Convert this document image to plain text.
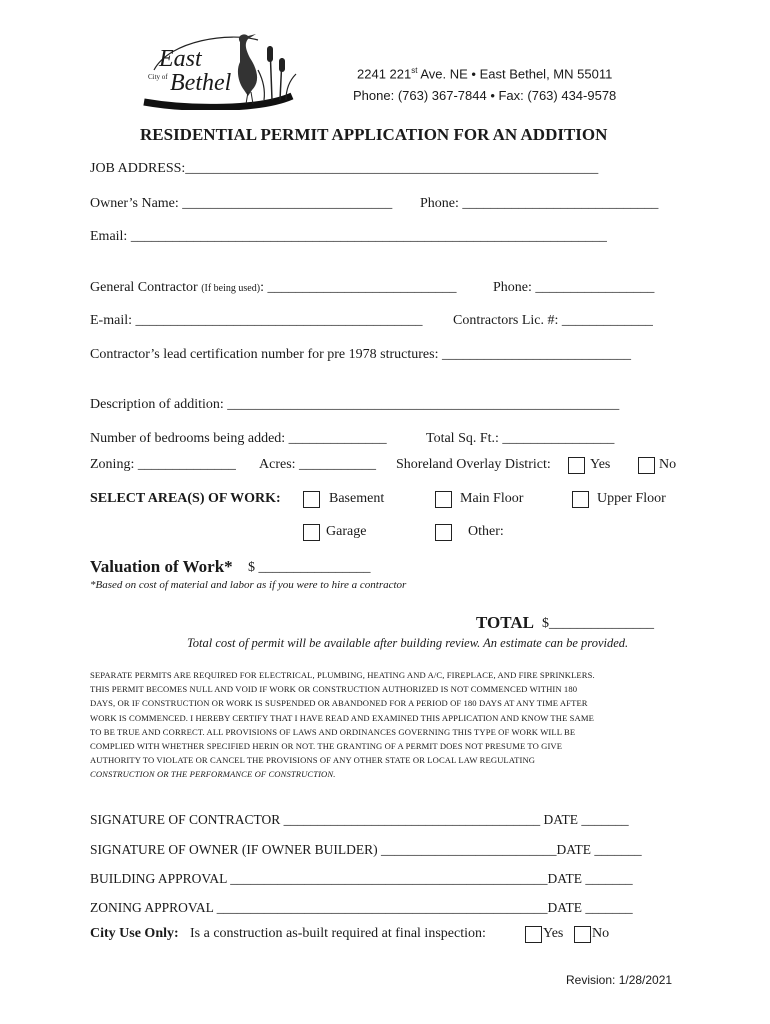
East
City of Bethel	2241 221st Ave. NE • East Bethel, MN 55011
Phone: (763) 367-7844 • Fax: (763) 434-9578
RESIDENTIAL PERMIT APPLICATION FOR AN ADDITION
JOB ADDRESS:___________________________________________________________
Owner’s Name: ______________________________ Phone: ____________________________
Email: ____________________________________________________________________
General Contractor (If being used): ___________________________	Phone: _________________
E-mail: _________________________________________ Contractors Lic. #: _____________
Contractor’s lead certification number for pre 1978 structures: ___________________________
Description of addition: ________________________________________________________
Number of bedrooms being added: ______________	Total Sq. Ft.: ________________
Zoning: ______________ Acres: ___________ Shoreland Overlay District:	Yes	No
SELECT AREA(S) OF WORK:	Basement	Main Floor	Upper Floor
Garage	Other:
Valuation of Work* $ ________________
*Based on cost of material and labor as if you were to hire a contractor
TOTAL $_______________
Total cost of permit will be available after building review. An estimate can be provided.
SEPARATE PERMITS ARE REQUIRED FOR ELECTRICAL, PLUMBING, HEATING AND A/C, FIREPLACE, AND FIRE SPRINKLERS.
THIS PERMIT BECOMES NULL AND VOID IF WORK OR CONSTRUCTION AUTHORIZED IS NOT COMMENCED WITHIN 180
DAYS, OR IF CONSTRUCTION OR WORK IS SUSPENDED OR ABANDONED FOR A PERIOD OF 180 DAYS AT ANY TIME AFTER
WORK IS COMMENCED. I HEREBY CERTIFY THAT I HAVE READ AND EXAMINED THIS APPLICATION AND KNOW THE SAME
TO BE TRUE AND CORRECT. ALL PROVISIONS OF LAWS AND ORDINANCES GOVERNING THIS TYPE OF WORK WILL BE
COMPLIED WITH WHETHER SPECIFIED HERIN OR NOT. THE GRANTING OF A PERMIT DOES NOT PRESUME TO GIVE
AUTHORITY TO VIOLATE OR CANCEL THE PROVISIONS OF ANY OTHER STATE OR LOCAL LAW REGULATING
CONSTRUCTION OR THE PERFORMANCE OF CONSTRUCTION.
SIGNATURE OF CONTRACTOR ______________________________________ DATE _______
SIGNATURE OF OWNER (IF OWNER BUILDER) __________________________DATE _______
BUILDING APPROVAL _______________________________________________DATE _______
ZONING APPROVAL _________________________________________________DATE _______
City Use Only: Is a construction as-built required at final inspection:	Yes No
Revision: 1/28/2021
